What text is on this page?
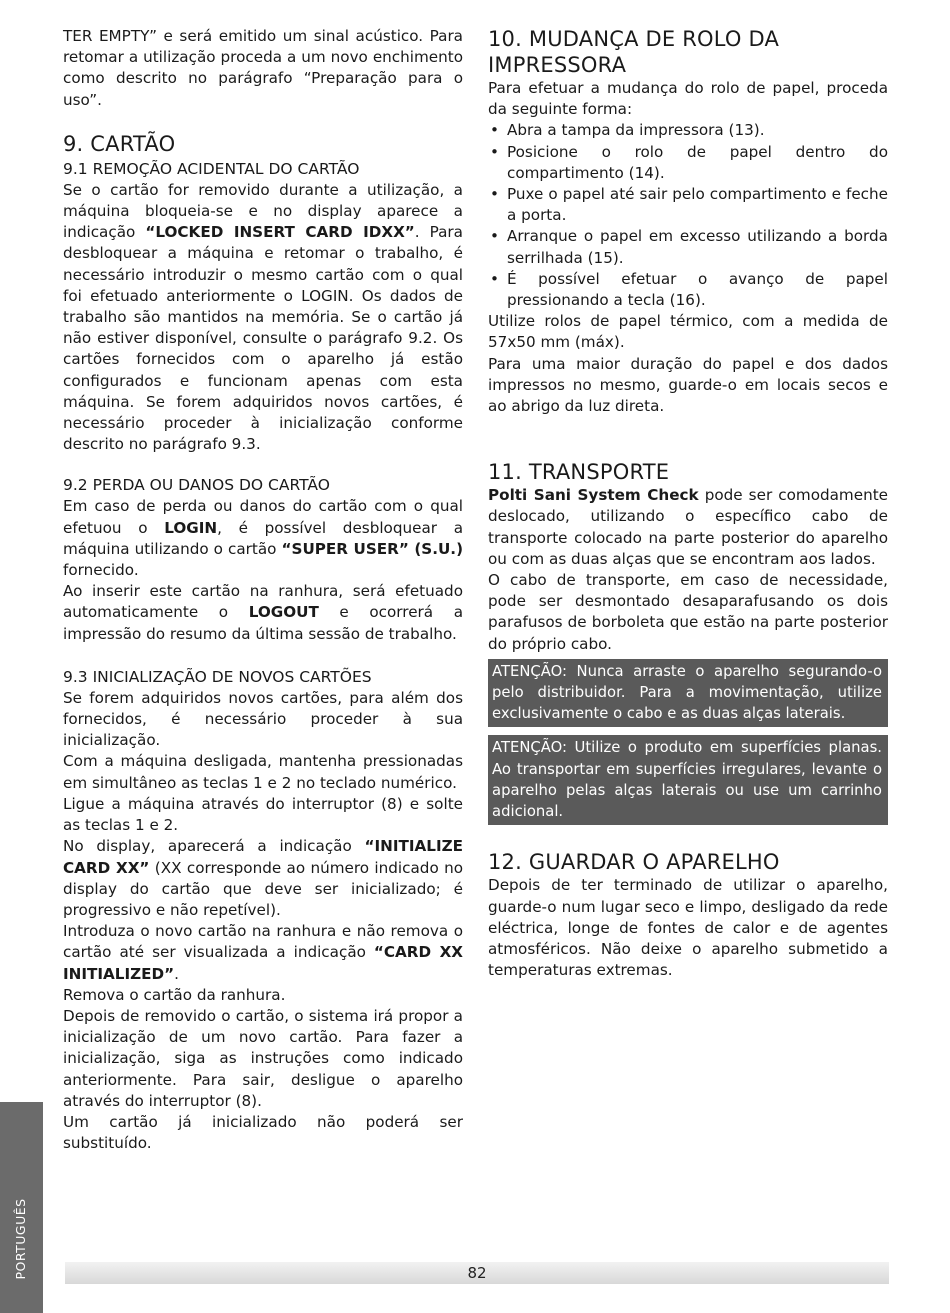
TER EMPTY” e será emitido um sinal acústico. Para retomar a utilização proceda a um novo enchimento como descrito no parágrafo “Preparação para o uso”.

9. CARTÃO
9.1 REMOÇÃO ACIDENTAL DO CARTÃO

Se o cartão for removido durante a utilização, a máquina bloqueia-se e no display aparece a indicação “LOCKED INSERT CARD IDXX”. Para desbloquear a máquina e retomar o trabalho, é necessário introduzir o mesmo cartão com o qual foi efetuado anteriormente o LOGIN. Os dados de trabalho são mantidos na memória. Se o cartão já não estiver disponível, consulte o parágrafo 9.2. Os cartões fornecidos com o aparelho já estão configurados e funcionam apenas com esta máquina. Se forem adquiridos novos cartões, é necessário proceder à inicialização conforme descrito no parágrafo 9.3.

9.2 PERDA OU DANOS DO CARTÃO

Em caso de perda ou danos do cartão com o qual efetuou o LOGIN, é possível desbloquear a máquina utilizando o cartão “SUPER USER” (S.U.) fornecido.

Ao inserir este cartão na ranhura, será efetuado automaticamente o LOGOUT e ocorrerá a impressão do resumo da última sessão de trabalho.

9.3 INICIALIZAÇÃO DE NOVOS CARTÕES

Se forem adquiridos novos cartões, para além dos fornecidos, é necessário proceder à sua inicialização.

Com a máquina desligada, mantenha pressionadas em simultâneo as teclas 1 e 2 no teclado numérico.

Ligue a máquina através do interruptor (8) e solte as teclas 1 e 2.

No display, aparecerá a indicação “INITIALIZE CARD XX” (XX corresponde ao número indicado no display do cartão que deve ser inicializado; é progressivo e não repetível).

Introduza o novo cartão na ranhura e não remova o cartão até ser visualizada a indicação “CARD XX INITIALIZED”.

Remova o cartão da ranhura.

Depois de removido o cartão, o sistema irá propor a inicialização de um novo cartão. Para fazer a inicialização, siga as instruções como indicado anteriormente. Para sair, desligue o aparelho através do interruptor (8).

Um cartão já inicializado não poderá ser substituído.

10. MUDANÇA DE ROLO DA IMPRESSORA

Para efetuar a mudança do rolo de papel, proceda da seguinte forma:

• Abra a tampa da impressora (13).
• Posicione o rolo de papel dentro do compartimento (14).
• Puxe o papel até sair pelo compartimento e feche a porta.
• Arranque o papel em excesso utilizando a borda serrilhada (15).
• É possível efetuar o avanço de papel pressionando a tecla (16).

Utilize rolos de papel térmico, com a medida de 57x50 mm (máx).

Para uma maior duração do papel e dos dados impressos no mesmo, guarde-o em locais secos e ao abrigo da luz direta.

11. TRANSPORTE

Polti Sani System Check pode ser comodamente deslocado, utilizando o específico cabo de transporte colocado na parte posterior do aparelho ou com as duas alças que se encontram aos lados.

O cabo de transporte, em caso de necessidade, pode ser desmontado desaparafusando os dois parafusos de borboleta que estão na parte posterior do próprio cabo.

ATENÇÃO: Nunca arraste o aparelho segurando-o pelo distribuidor. Para a movimentação, utilize exclusivamente o cabo e as duas alças laterais.
ATENÇÃO: Utilize o produto em superfícies planas. Ao transportar em superfícies irregulares, levante o aparelho pelas alças laterais ou use um carrinho adicional.
12. GUARDAR O APARELHO

Depois de ter terminado de utilizar o aparelho, guarde-o num lugar seco e limpo, desligado da rede eléctrica, longe de fontes de calor e de agentes atmosféricos. Não deixe o aparelho submetido a temperaturas extremas.

PORTUGUÊS	82
